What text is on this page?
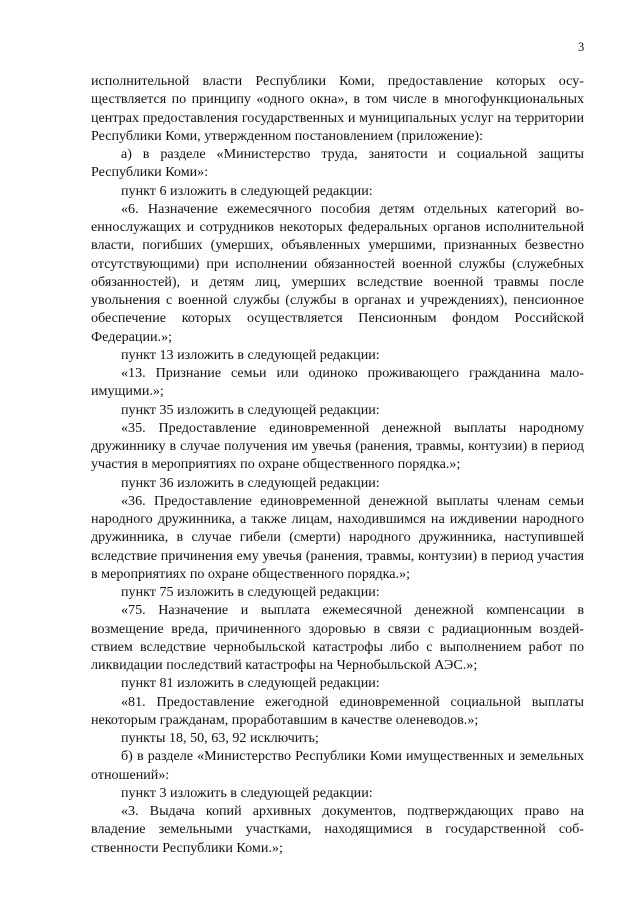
3

исполнительной власти Республики Коми, предоставление которых осуществляется по принципу «одного окна», в том числе в многофункциональных центрах предоставления государственных и муниципальных услуг на территории Республики Коми, утвержденном постановлением (приложение):

а) в разделе «Министерство труда, занятости и социальной защиты Республики Коми»:

пункт 6 изложить в следующей редакции:

«6. Назначение ежемесячного пособия детям отдельных категорий военнослужащих и сотрудников некоторых федеральных органов исполнительной власти, погибших (умерших, объявленных умершими, признанных безвестно отсутствующими) при исполнении обязанностей военной службы (служебных обязанностей), и детям лиц, умерших вследствие военной травмы после увольнения с военной службы (службы в органах и учреждениях), пенсионное обеспечение которых осуществляется Пенсионным фондом Российской Федерации.»;

пункт 13 изложить в следующей редакции:

«13. Признание семьи или одиноко проживающего гражданина малоимущими.»;

пункт 35 изложить в следующей редакции:

«35. Предоставление единовременной денежной выплаты народному дружиннику в случае получения им увечья (ранения, травмы, контузии) в период участия в мероприятиях по охране общественного порядка.»;

пункт 36 изложить в следующей редакции:

«36. Предоставление единовременной денежной выплаты членам семьи народного дружинника, а также лицам, находившимся на иждивении народного дружинника, в случае гибели (смерти) народного дружинника, наступившей вследствие причинения ему увечья (ранения, травмы, контузии) в период участия в мероприятиях по охране общественного порядка.»;

пункт 75 изложить в следующей редакции:

«75. Назначение и выплата ежемесячной денежной компенсации в возмещение вреда, причиненного здоровью в связи с радиационным воздействием вследствие чернобыльской катастрофы либо с выполнением работ по ликвидации последствий катастрофы на Чернобыльской АЭС.»;

пункт 81 изложить в следующей редакции:

«81. Предоставление ежегодной единовременной социальной выплаты некоторым гражданам, проработавшим в качестве оленеводов.»;

пункты 18, 50, 63, 92 исключить;

б) в разделе «Министерство Республики Коми имущественных и земельных отношений»:

пункт 3 изложить в следующей редакции:

«3. Выдача копий архивных документов, подтверждающих право на владение земельными участками, находящимися в государственной собственности Республики Коми.»;
